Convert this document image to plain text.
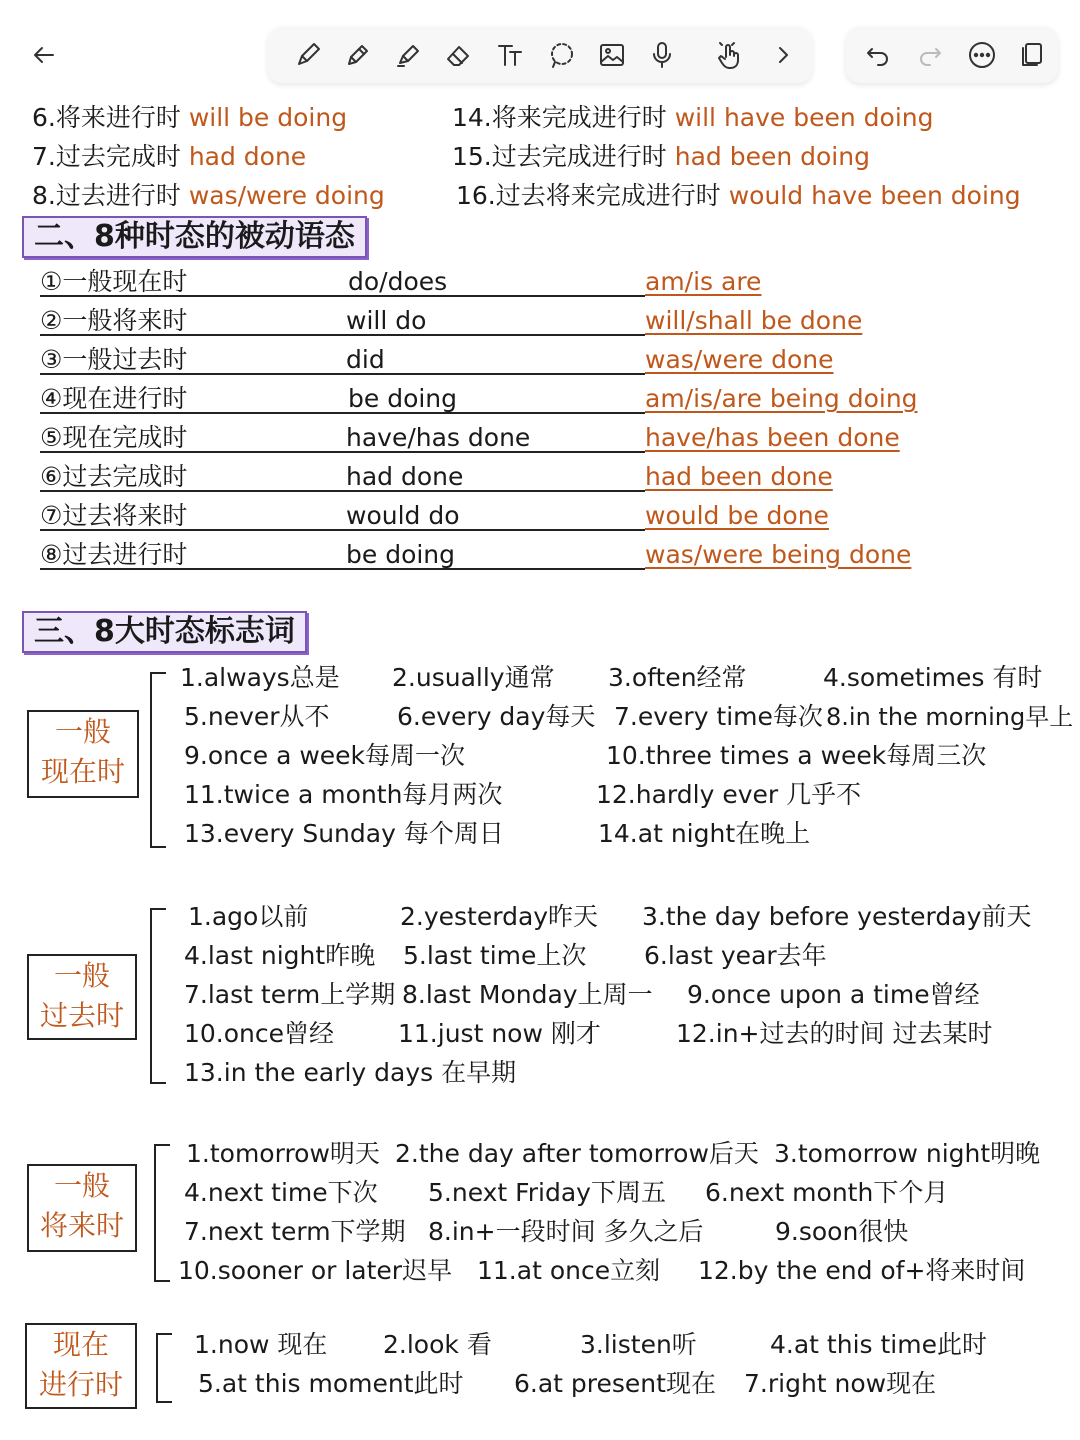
6.将来进行时 will be doing
7.过去完成时 had done
8.过去进行时 was/were doing
14.将来完成进行时 will have been doing
15.过去完成进行时 had been doing
16.过去将来完成进行时 would have been doing
二、8种时态的被动语态
①一般现在时	do/does	am/is are
②一般将来时	will do	will/shall be done
③一般过去时	did	was/were done
④现在进行时	be doing	am/is/are being doing
⑤现在完成时	have/has done	have/has been done
⑥过去完成时	had done	had been done
⑦过去将来时	would do	would be done
⑧过去进行时	be doing	was/were being done
三、8大时态标志词
一般
现在时
1.always总是 2.usually通常 3.often经常	4.sometimes 有时
5.never从不	6.every day每天 7.every time每次 8.in the morning早上
9.once a week每周一次	10.three times a week每周三次
11.twice a month每月两次	12.hardly ever 几乎不
13.every Sunday 每个周日	14.at night在晚上
一般
过去时
1.ago以前	2.yesterday昨天 3.the day before yesterday前天
4.last night昨晚 5.last time上次 6.last year去年
7.last term上学期 8.last Monday上周一 9.once upon a time曾经
10.once曾经	11.just now 刚才	12.in+过去的时间 过去某时
13.in the early days 在早期
一般
将来时
1.tomorrow明天 2.the day after tomorrow后天 3.tomorrow night明晚
4.next time下次 5.next Friday下周五 6.next month下个月
7.next term下学期 8.in+一段时间 多久之后	9.soon很快
10.sooner or later迟早 11.at once立刻 12.by the end of+将来时间
现在
进行时
1.now 现在 2.look 看	3.listen听	4.at this time此时
5.at this moment此时 6.at present现在 7.right now现在
